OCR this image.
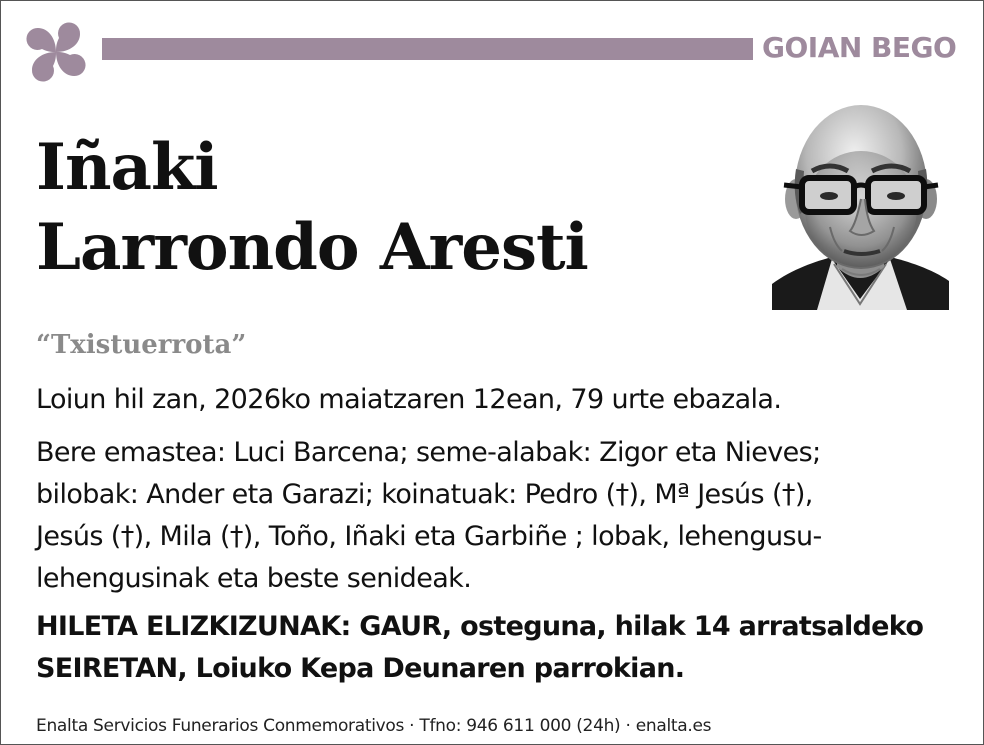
GOIAN BEGO
Iñaki
Larrondo Aresti
“Txistuerrota”
Loiun hil zan, 2026ko maiatzaren 12ean, 79 urte ebazala.
Bere emastea: Luci Barcena; seme-alabak: Zigor eta Nieves;
bilobak: Ander eta Garazi; koinatuak: Pedro (†), Mª Jesús (†),
Jesús (†), Mila (†), Toño, Iñaki eta Garbiñe ; lobak, lehengusu-
lehengusinak eta beste senideak.
HILETA ELIZKIZUNAK: GAUR, osteguna, hilak 14 arratsaldeko
SEIRETAN, Loiuko Kepa Deunaren parrokian.
Enalta Servicios Funerarios Conmemorativos · Tfno: 946 611 000 (24h) · enalta.es
